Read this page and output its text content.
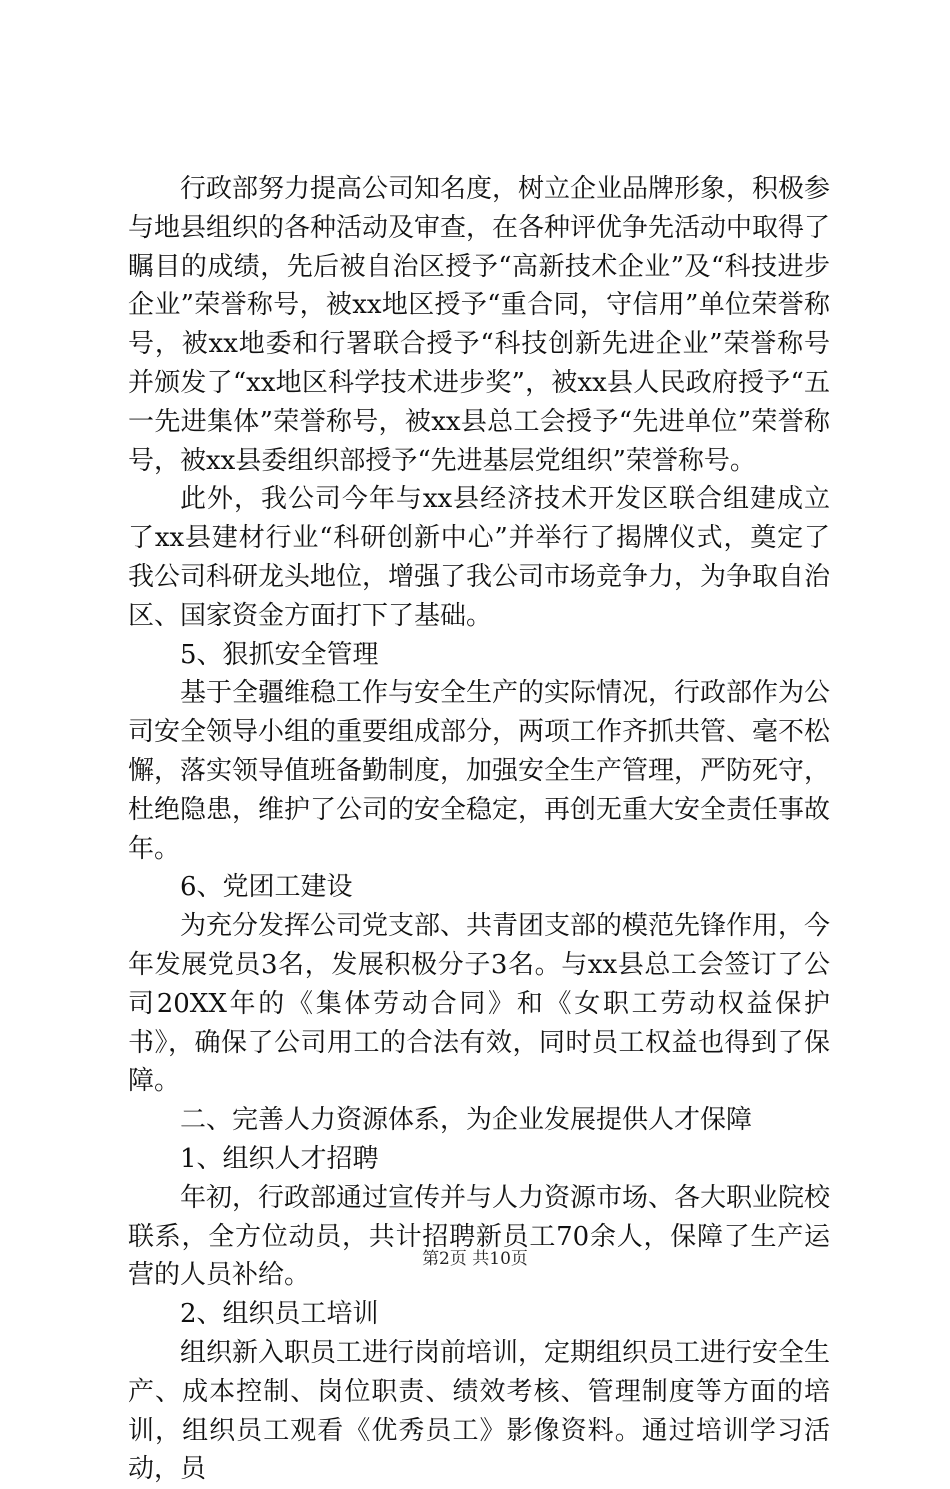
行政部努力提高公司知名度，树立企业品牌形象，积极参与地县组织的各种活动及审查，在各种评优争先活动中取得了瞩目的成绩，先后被自治区授予“高新技术企业”及“科技进步企业”荣誉称号，被xx地区授予“重合同，守信用”单位荣誉称号，被xx地委和行署联合授予“科技创新先进企业”荣誉称号并颁发了“xx地区科学技术进步奖”，被xx县人民政府授予“五一先进集体”荣誉称号，被xx县总工会授予“先进单位”荣誉称号，被xx县委组织部授予“先进基层党组织”荣誉称号。

此外，我公司今年与xx县经济技术开发区联合组建成立了xx县建材行业“科研创新中心”并举行了揭牌仪式，奠定了我公司科研龙头地位，增强了我公司市场竞争力，为争取自治区、国家资金方面打下了基础。

5、狠抓安全管理

基于全疆维稳工作与安全生产的实际情况，行政部作为公司安全领导小组的重要组成部分，两项工作齐抓共管、毫不松懈，落实领导值班备勤制度，加强安全生产管理，严防死守，杜绝隐患，维护了公司的安全稳定，再创无重大安全责任事故年。

6、党团工建设

为充分发挥公司党支部、共青团支部的模范先锋作用，今年发展党员3名，发展积极分子3名。与xx县总工会签订了公司20XX年的《集体劳动合同》和《女职工劳动权益保护书》，确保了公司用工的合法有效，同时员工权益也得到了保障。

二、完善人力资源体系，为企业发展提供人才保障

1、组织人才招聘

年初，行政部通过宣传并与人力资源市场、各大职业院校联系，全方位动员，共计招聘新员工70余人，保障了生产运营的人员补给。

2、组织员工培训

组织新入职员工进行岗前培训，定期组织员工进行安全生产、成本控制、岗位职责、绩效考核、管理制度等方面的培训，组织员工观看《优秀员工》影像资料。通过培训学习活动，员

第2页 共10页
